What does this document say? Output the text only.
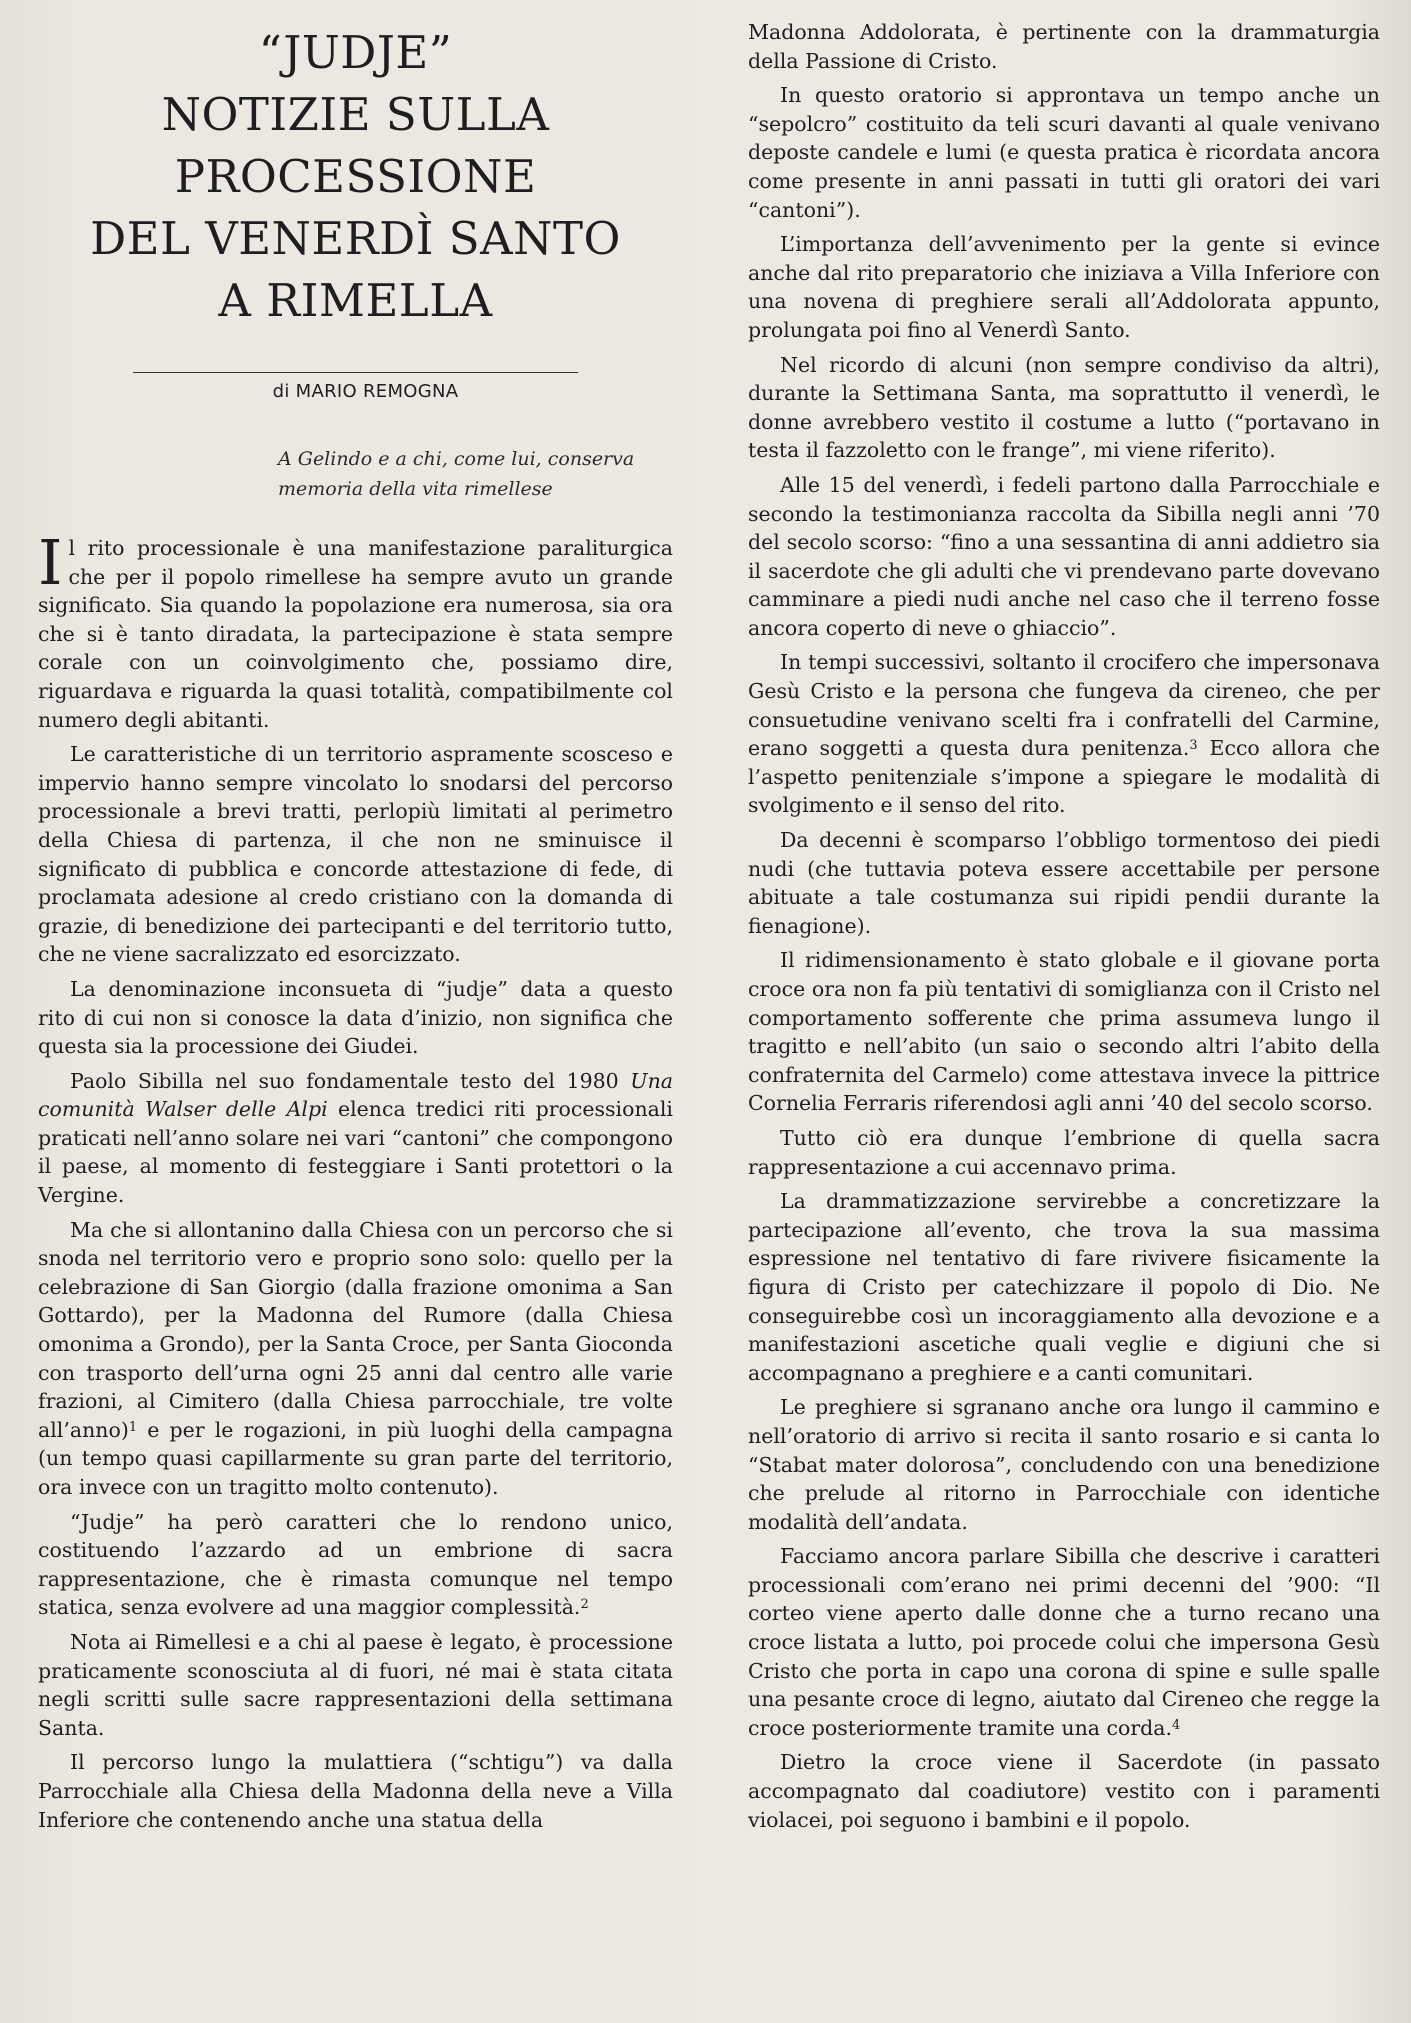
“JUDJE”
NOTIZIE SULLA
PROCESSIONE
DEL VENERDÌ SANTO
A RIMELLA
di MARIO REMOGNA
A Gelindo e a chi, come lui, conserva
memoria della vita rimellese

Il rito processionale è una manifestazione paraliturgica che per il popolo rimellese ha sempre avuto un grande significato. Sia quando la popolazione era numerosa, sia ora che si è tanto diradata, la partecipazione è stata sempre corale con un coinvolgimento che, possiamo dire, riguardava e riguarda la quasi totalità, compatibilmente col numero degli abitanti.

Le caratteristiche di un territorio aspramente scosceso e impervio hanno sempre vincolato lo snodarsi del percorso processionale a brevi tratti, perlopiù limitati al perimetro della Chiesa di partenza, il che non ne sminuisce il significato di pubblica e concorde attestazione di fede, di proclamata adesione al credo cristiano con la domanda di grazie, di benedizione dei partecipanti e del territorio tutto, che ne viene sacralizzato ed esorcizzato.

La denominazione inconsueta di “judje” data a questo rito di cui non si conosce la data d’inizio, non significa che questa sia la processione dei Giudei.

Paolo Sibilla nel suo fondamentale testo del 1980 Una comunità Walser delle Alpi elenca tredici riti processionali praticati nell’anno solare nei vari “cantoni” che compongono il paese, al momento di festeggiare i Santi protettori o la Vergine.

Ma che si allontanino dalla Chiesa con un percorso che si snoda nel territorio vero e proprio sono solo: quello per la celebrazione di San Giorgio (dalla frazione omonima a San Gottardo), per la Madonna del Rumore (dalla Chiesa omonima a Grondo), per la Santa Croce, per Santa Gioconda con trasporto dell’urna ogni 25 anni dal centro alle varie frazioni, al Cimitero (dalla Chiesa parrocchiale, tre volte all’anno)$^1$ e per le rogazioni, in più luoghi della campagna (un tempo quasi capillarmente su gran parte del territorio, ora invece con un tragitto molto contenuto).

“Judje” ha però caratteri che lo rendono unico, costituendo l’azzardo ad un embrione di sacra rappresentazione, che è rimasta comunque nel tempo statica, senza evolvere ad una maggior complessità.$^2$

Nota ai Rimellesi e a chi al paese è legato, è processione praticamente sconosciuta al di fuori, né mai è stata citata negli scritti sulle sacre rappresentazioni della settimana Santa.

Il percorso lungo la mulattiera (“schtigu”) va dalla Parrocchiale alla Chiesa della Madonna della neve a Villa Inferiore che contenendo anche una statua della

Madonna Addolorata, è pertinente con la drammaturgia della Passione di Cristo.

In questo oratorio si approntava un tempo anche un “sepolcro” costituito da teli scuri davanti al quale venivano deposte candele e lumi (e questa pratica è ricordata ancora come presente in anni passati in tutti gli oratori dei vari “cantoni”).

L’importanza dell’avvenimento per la gente si evince anche dal rito preparatorio che iniziava a Villa Inferiore con una novena di preghiere serali all’Addolorata appunto, prolungata poi fino al Venerdì Santo.

Nel ricordo di alcuni (non sempre condiviso da altri), durante la Settimana Santa, ma soprattutto il venerdì, le donne avrebbero vestito il costume a lutto (“portavano in testa il fazzoletto con le frange”, mi viene riferito).

Alle 15 del venerdì, i fedeli partono dalla Parrocchiale e secondo la testimonianza raccolta da Sibilla negli anni ’70 del secolo scorso: “fino a una sessantina di anni addietro sia il sacerdote che gli adulti che vi prendevano parte dovevano camminare a piedi nudi anche nel caso che il terreno fosse ancora coperto di neve o ghiaccio”.

In tempi successivi, soltanto il crocifero che impersonava Gesù Cristo e la persona che fungeva da cireneo, che per consuetudine venivano scelti fra i confratelli del Carmine, erano soggetti a questa dura penitenza.$^3$ Ecco allora che l’aspetto penitenziale s’impone a spiegare le modalità di svolgimento e il senso del rito.

Da decenni è scomparso l’obbligo tormentoso dei piedi nudi (che tuttavia poteva essere accettabile per persone abituate a tale costumanza sui ripidi pendii durante la fienagione).

Il ridimensionamento è stato globale e il giovane porta croce ora non fa più tentativi di somiglianza con il Cristo nel comportamento sofferente che prima assumeva lungo il tragitto e nell’abito (un saio o secondo altri l’abito della confraternita del Carmelo) come attestava invece la pittrice Cornelia Ferraris riferendosi agli anni ’40 del secolo scorso.

Tutto ciò era dunque l’embrione di quella sacra rappresentazione a cui accennavo prima.

La drammatizzazione servirebbe a concretizzare la partecipazione all’evento, che trova la sua massima espressione nel tentativo di fare rivivere fisicamente la figura di Cristo per catechizzare il popolo di Dio. Ne conseguirebbe così un incoraggiamento alla devozione e a manifestazioni ascetiche quali veglie e digiuni che si accompagnano a preghiere e a canti comunitari.

Le preghiere si sgranano anche ora lungo il cammino e nell’oratorio di arrivo si recita il santo rosario e si canta lo “Stabat mater dolorosa”, concludendo con una benedizione che prelude al ritorno in Parrocchiale con identiche modalità dell’andata.

Facciamo ancora parlare Sibilla che descrive i caratteri processionali com’erano nei primi decenni del ’900: “Il corteo viene aperto dalle donne che a turno recano una croce listata a lutto, poi procede colui che impersona Gesù Cristo che porta in capo una corona di spine e sulle spalle una pesante croce di legno, aiutato dal Cireneo che regge la croce posteriormente tramite una corda.$^4$

Dietro la croce viene il Sacerdote (in passato accompagnato dal coadiutore) vestito con i paramenti violacei, poi seguono i bambini e il popolo.
